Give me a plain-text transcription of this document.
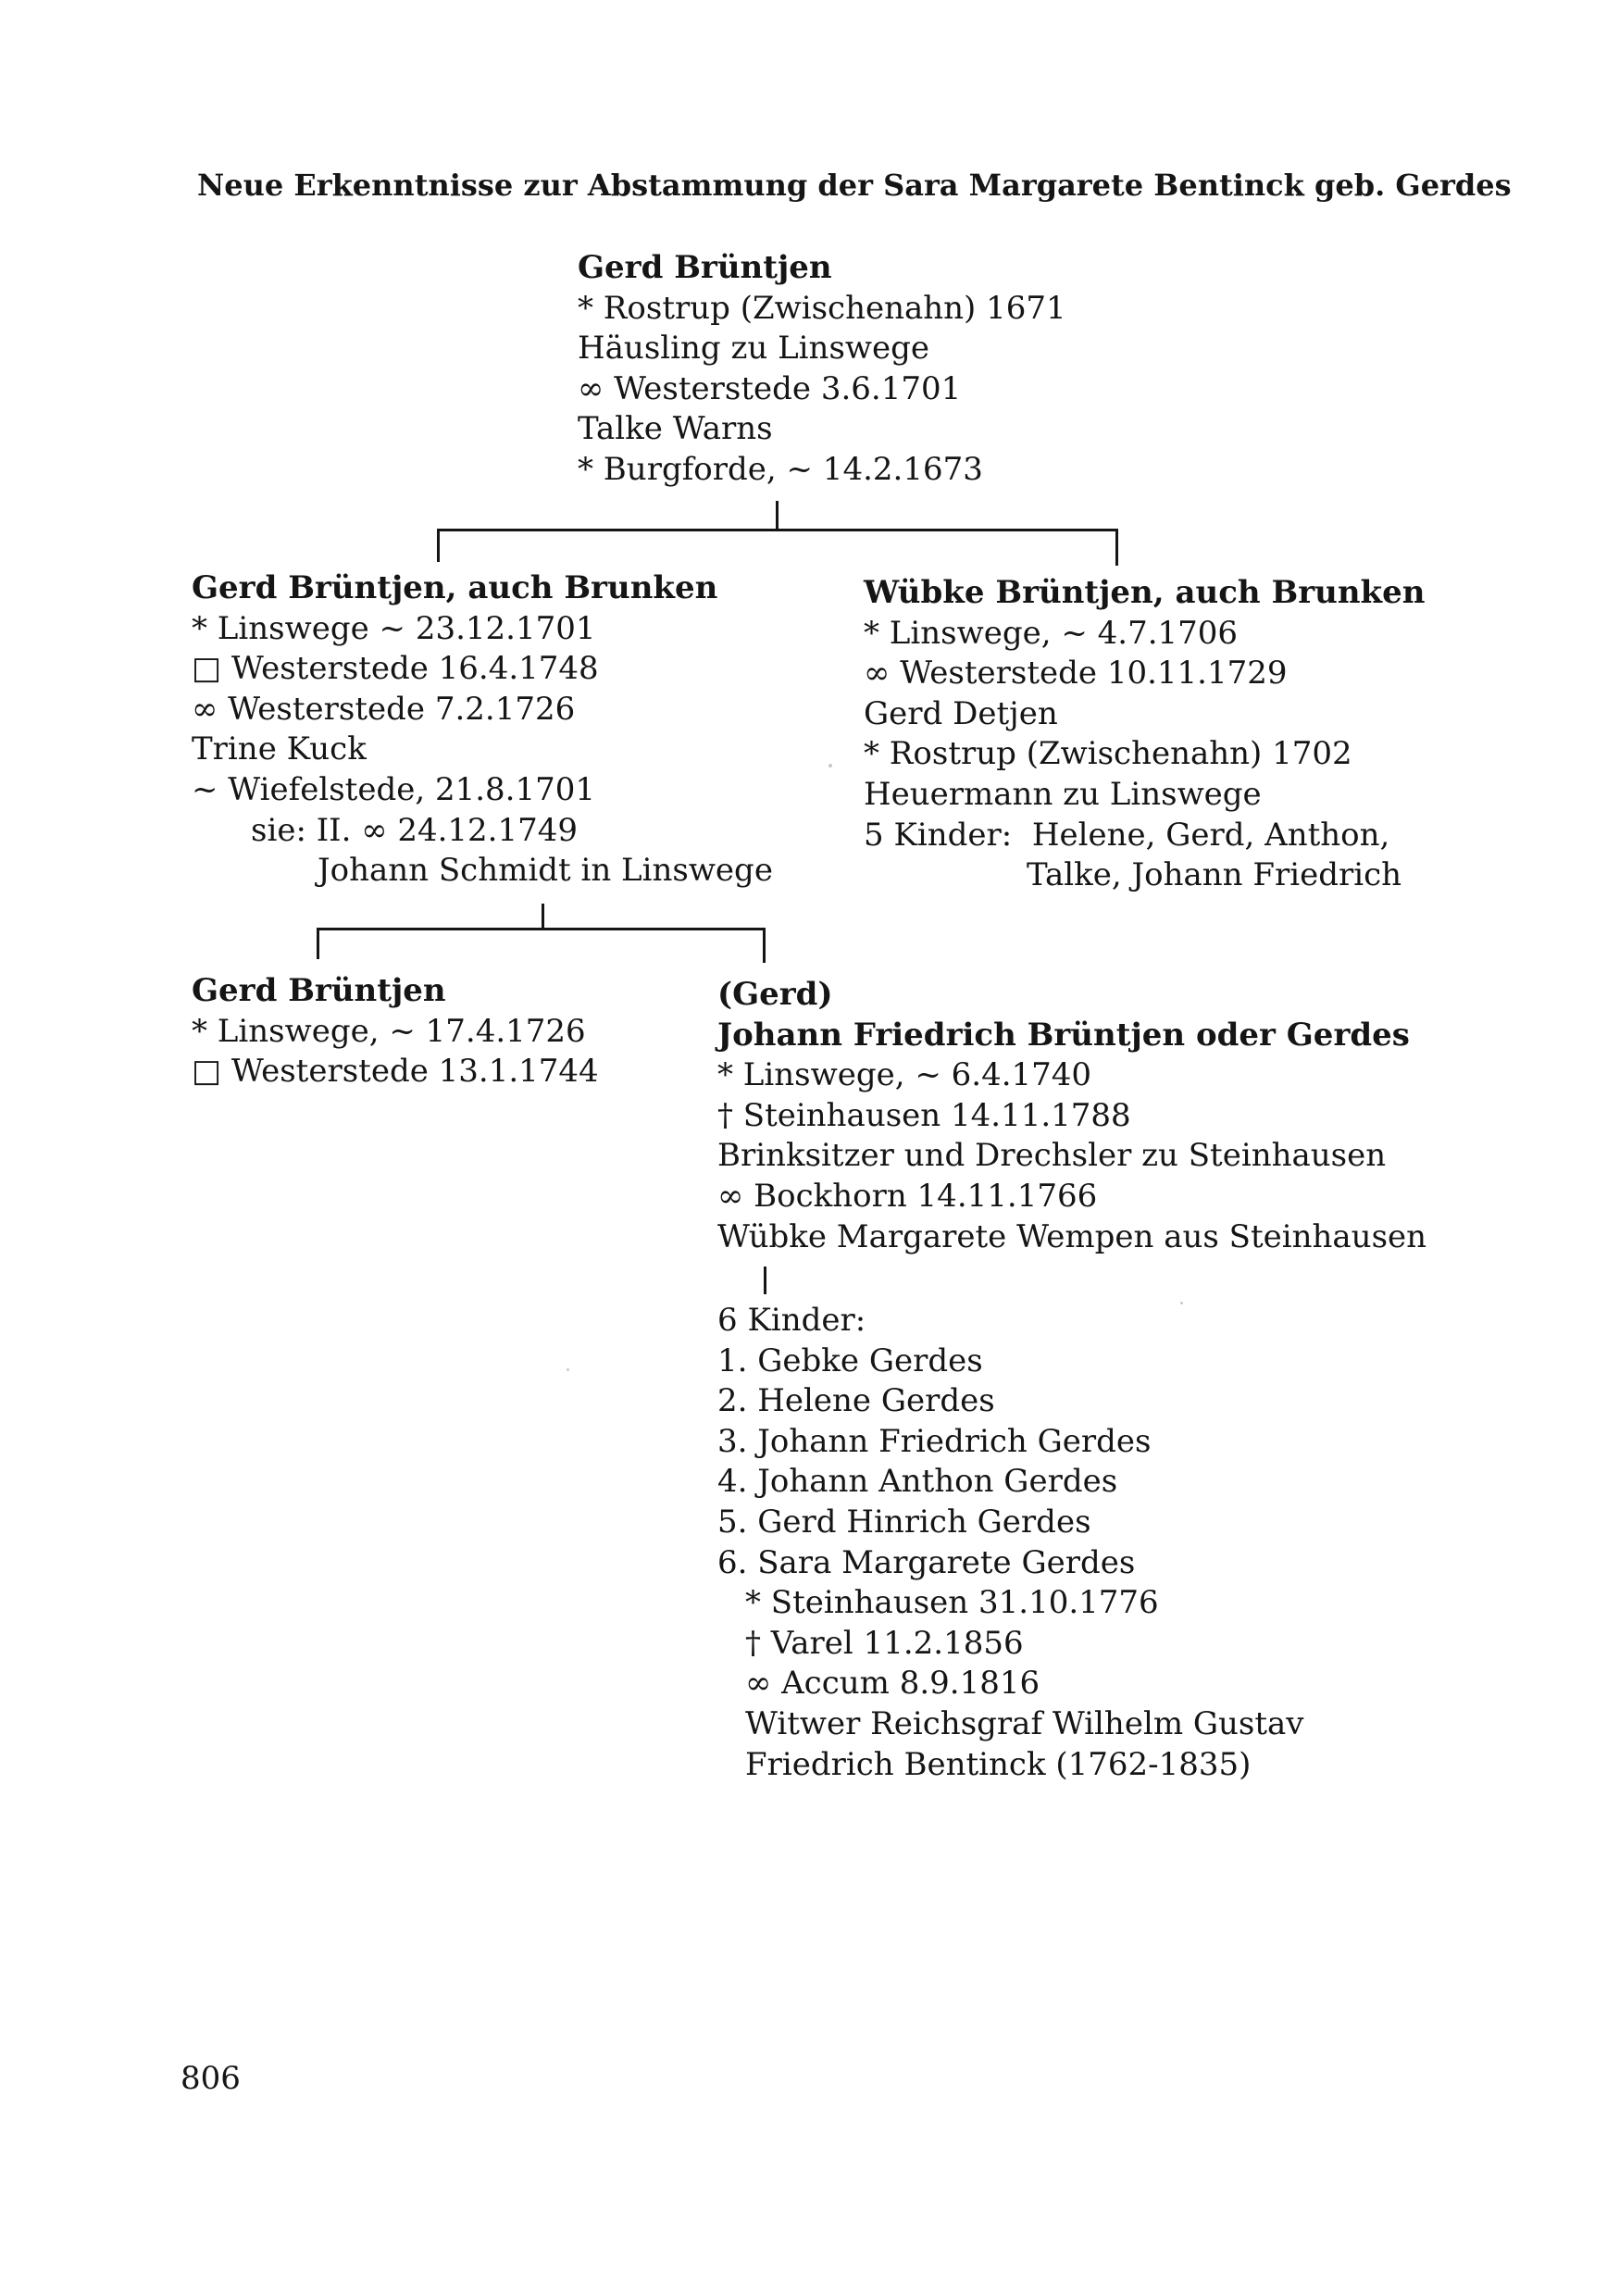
Neue Erkenntnisse zur Abstammung der Sara Margarete Bentinck geb. Gerdes
Gerd Brüntjen
* Rostrup (Zwischenahn) 1671
Häusling zu Linswege
∞ Westerstede 3.6.1701
Talke Warns
* Burgforde, ~ 14.2.1673
Gerd Brüntjen, auch Brunken
* Linswege ~ 23.12.1701
□ Westerstede 16.4.1748
∞ Westerstede 7.2.1726
Trine Kuck
~ Wiefelstede, 21.8.1701
sie: II. ∞ 24.12.1749
Johann Schmidt in Linswege
Wübke Brüntjen, auch Brunken
* Linswege, ~ 4.7.1706
∞ Westerstede 10.11.1729
Gerd Detjen
* Rostrup (Zwischenahn) 1702
Heuermann zu Linswege
5 Kinder: Helene, Gerd, Anthon,
Talke, Johann Friedrich
Gerd Brüntjen
* Linswege, ~ 17.4.1726
□ Westerstede 13.1.1744
(Gerd)
Johann Friedrich Brüntjen oder Gerdes
* Linswege, ~ 6.4.1740
† Steinhausen 14.11.1788
Brinksitzer und Drechsler zu Steinhausen
∞ Bockhorn 14.11.1766
Wübke Margarete Wempen aus Steinhausen
6 Kinder:
1. Gebke Gerdes
2. Helene Gerdes
3. Johann Friedrich Gerdes
4. Johann Anthon Gerdes
5. Gerd Hinrich Gerdes
6. Sara Margarete Gerdes
* Steinhausen 31.10.1776
† Varel 11.2.1856
∞ Accum 8.9.1816
Witwer Reichsgraf Wilhelm Gustav
Friedrich Bentinck (1762-1835)
806
